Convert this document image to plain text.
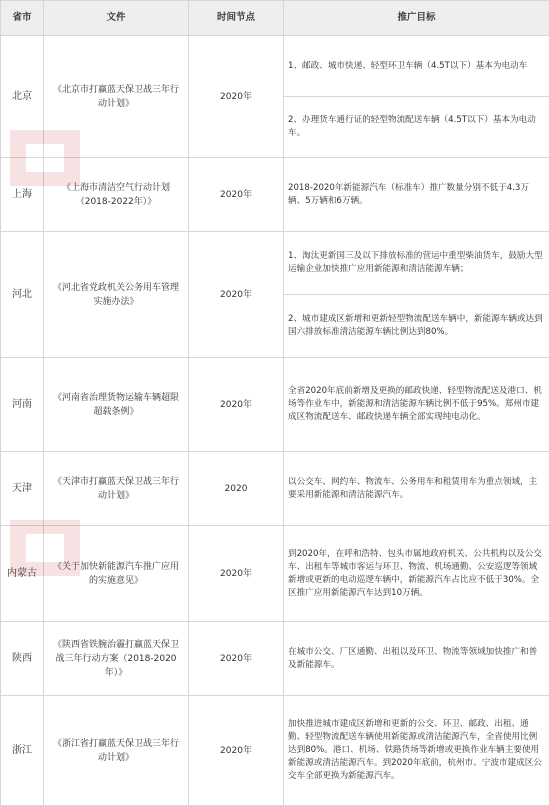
省市	文件	时间节点	推广目标
北京	《北京市打赢蓝天保卫战三年行动计划》	2020年	1、邮政、城市快递、轻型环卫车辆（4.5T以下）基本为电动车
2、办理货车通行证的轻型物流配送车辆（4.5T以下）基本为电动车。

上海	《上海市清洁空气行动计划（2018-2022年）》	2020年	2018-2020年新能源汽车（标准车）推广数量分别不低于4.3万辆、5万辆和6万辆。
河北	《河北省党政机关公务用车管理实施办法》	2020年	1、淘汰更新国三及以下排放标准的营运中重型柴油货车，鼓励大型运输企业加快推广应用新能源和清洁能源车辆；
2、城市建成区新增和更新轻型物流配送车辆中，新能源车辆或达到国六排放标准清洁能源车辆比例达到80%。

河南	《河南省治理货物运输车辆超限超载条例》	2020年	全省2020年底前新增及更换的邮政快递、轻型物流配送及港口、机场等作业车中，新能源和清洁能源车辆比例不低于95%。郑州市建成区物流配送车、邮政快递车辆全部实现纯电动化。
天津	《天津市打赢蓝天保卫战三年行动计划》	2020	以公交车、网约车、物流车、公务用车和租赁用车为重点领域，主要采用新能源和清洁能源汽车。
内蒙古	《关于加快新能源汽车推广应用的实施意见》	2020年	到2020年，在呼和浩特、包头市属地政府机关、公共机构以及公交车、出租车等城市客运与环卫、物流、机场通勤、公安巡逻等领域新增或更新的电动巡逻车辆中，新能源汽车占比应不低于30%。全区推广应用新能源汽车达到10万辆。
陕西	《陕西省铁腕治霾打赢蓝天保卫战三年行动方案（2018-2020年）》	2020年	在城市公交、厂区通勤、出租以及环卫、物流等领域加快推广和普及新能源车。
浙江	《浙江省打赢蓝天保卫战三年行动计划》	2020年	加快推进城市建成区新增和更新的公交、环卫、邮政、出租、通勤、轻型物流配送车辆使用新能源或清洁能源汽车，全省使用比例达到80%。港口、机场、铁路货场等新增或更换作业车辆主要使用新能源或清洁能源汽车。到2020年底前，杭州市、宁波市建成区公交车全部更换为新能源汽车。
